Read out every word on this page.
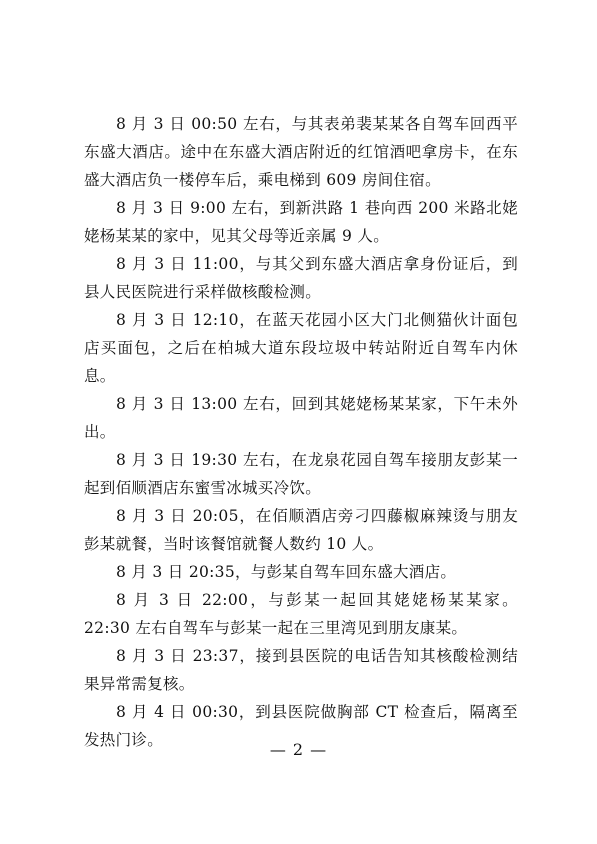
8 月 3 日 00:50 左右，与其表弟裴某某各自驾车回西平东盛大酒店。途中在东盛大酒店附近的红馆酒吧拿房卡，在东盛大酒店负一楼停车后，乘电梯到 609 房间住宿。

8 月 3 日 9:00 左右，到新洪路 1 巷向西 200 米路北姥姥杨某某的家中，见其父母等近亲属 9 人。

8 月 3 日 11:00，与其父到东盛大酒店拿身份证后，到县人民医院进行采样做核酸检测。

8 月 3 日 12:10，在蓝天花园小区大门北侧猫伙计面包店买面包，之后在柏城大道东段垃圾中转站附近自驾车内休息。

8 月 3 日 13:00 左右，回到其姥姥杨某某家，下午未外出。

8 月 3 日 19:30 左右，在龙泉花园自驾车接朋友彭某一起到佰顺酒店东蜜雪冰城买冷饮。

8 月 3 日 20:05，在佰顺酒店旁刁四藤椒麻辣烫与朋友彭某就餐，当时该餐馆就餐人数约 10 人。

8 月 3 日 20:35，与彭某自驾车回东盛大酒店。

8 月 3 日 22:00，与彭某一起回其姥姥杨某某家。22:30 左右自驾车与彭某一起在三里湾见到朋友康某。

8 月 3 日 23:37，接到县医院的电话告知其核酸检测结果异常需复核。

8 月 4 日 00:30，到县医院做胸部 CT 检查后，隔离至发热门诊。	— 2 —
